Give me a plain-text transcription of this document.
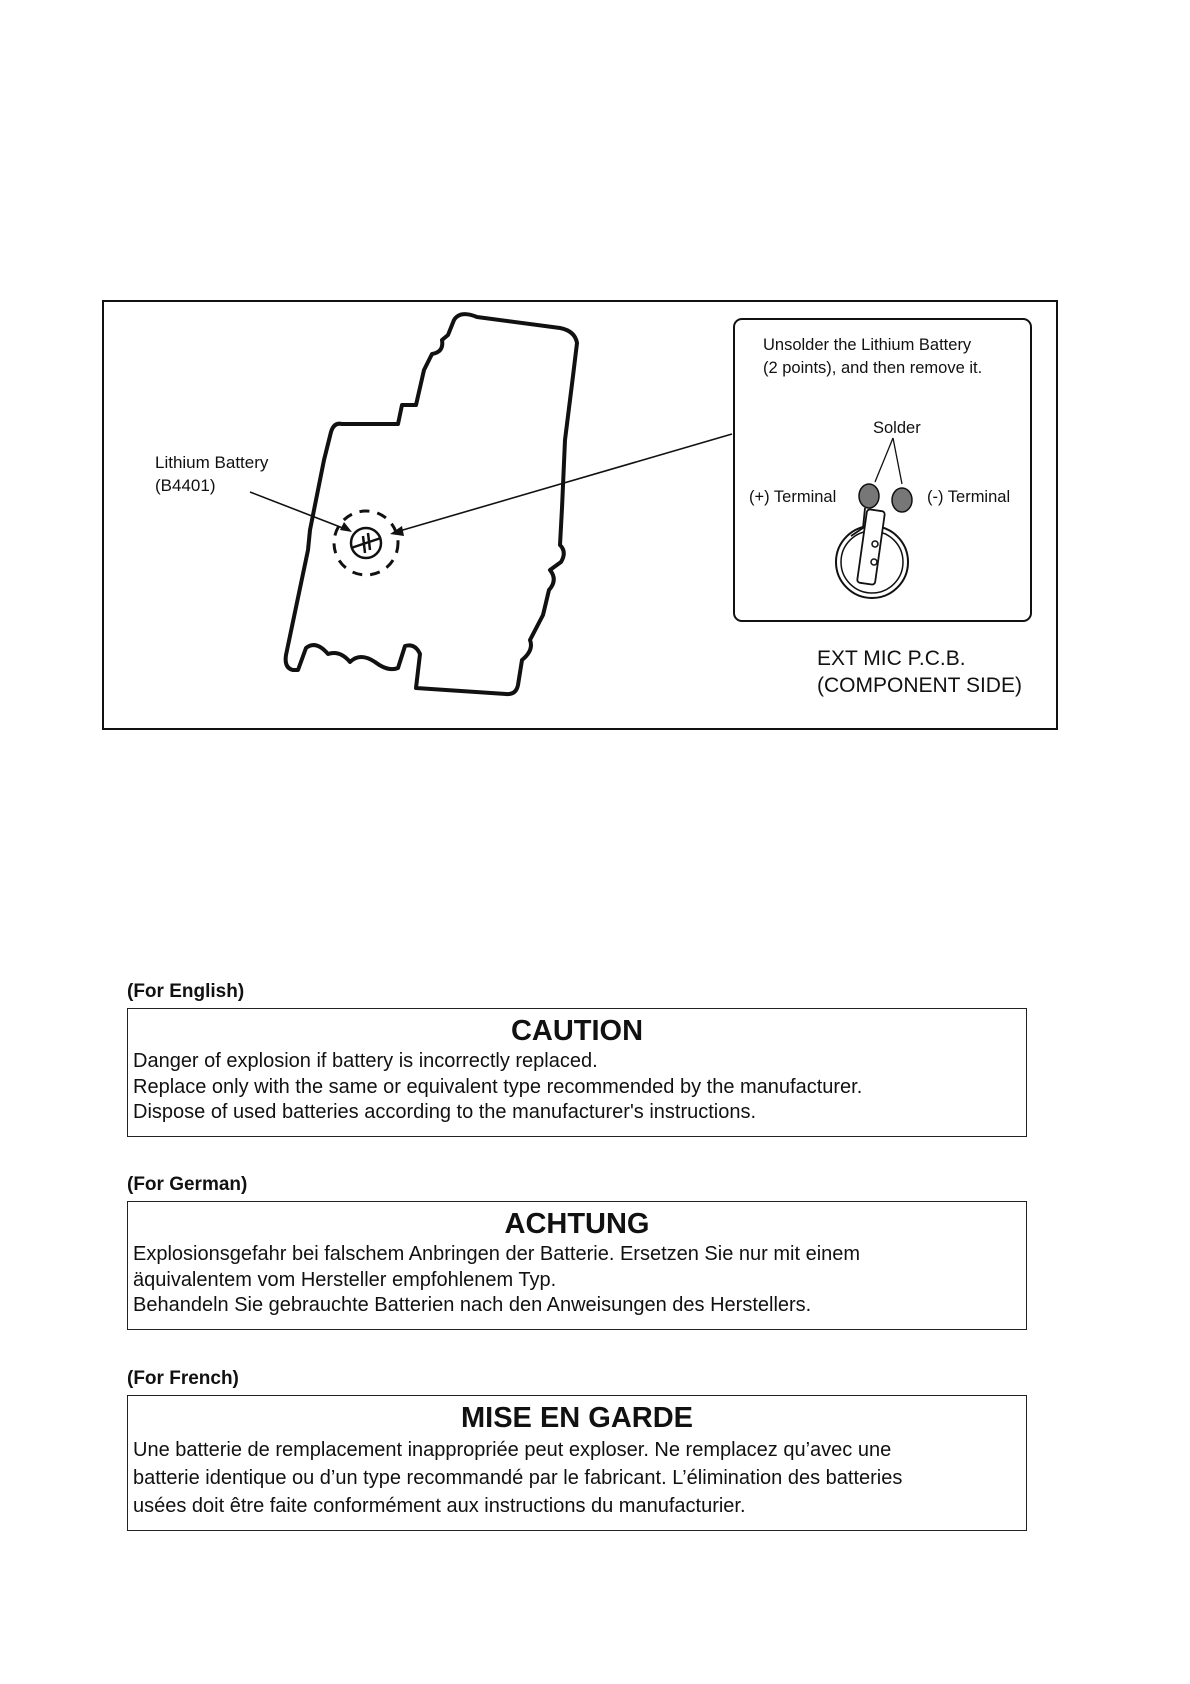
Lithium Battery
(B4401)
Unsolder the Lithium Battery
(2 points), and then remove it.
Solder
(+) Terminal	(-) Terminal
EXT MIC P.C.B.
(COMPONENT SIDE)
(For English)
CAUTION
Danger of explosion if battery is incorrectly replaced.
Replace only with the same or equivalent type recommended by the manufacturer.
Dispose of used batteries according to the manufacturer's instructions.
(For German)
ACHTUNG
Explosionsgefahr bei falschem Anbringen der Batterie. Ersetzen Sie nur mit einem
äquivalentem vom Hersteller empfohlenem Typ.
Behandeln Sie gebrauchte Batterien nach den Anweisungen des Herstellers.
(For French)
MISE EN GARDE
Une batterie de remplacement inappropriée peut exploser. Ne remplacez qu’avec une
batterie identique ou d’un type recommandé par le fabricant. L’élimination des batteries
usées doit être faite conformément aux instructions du manufacturier.
